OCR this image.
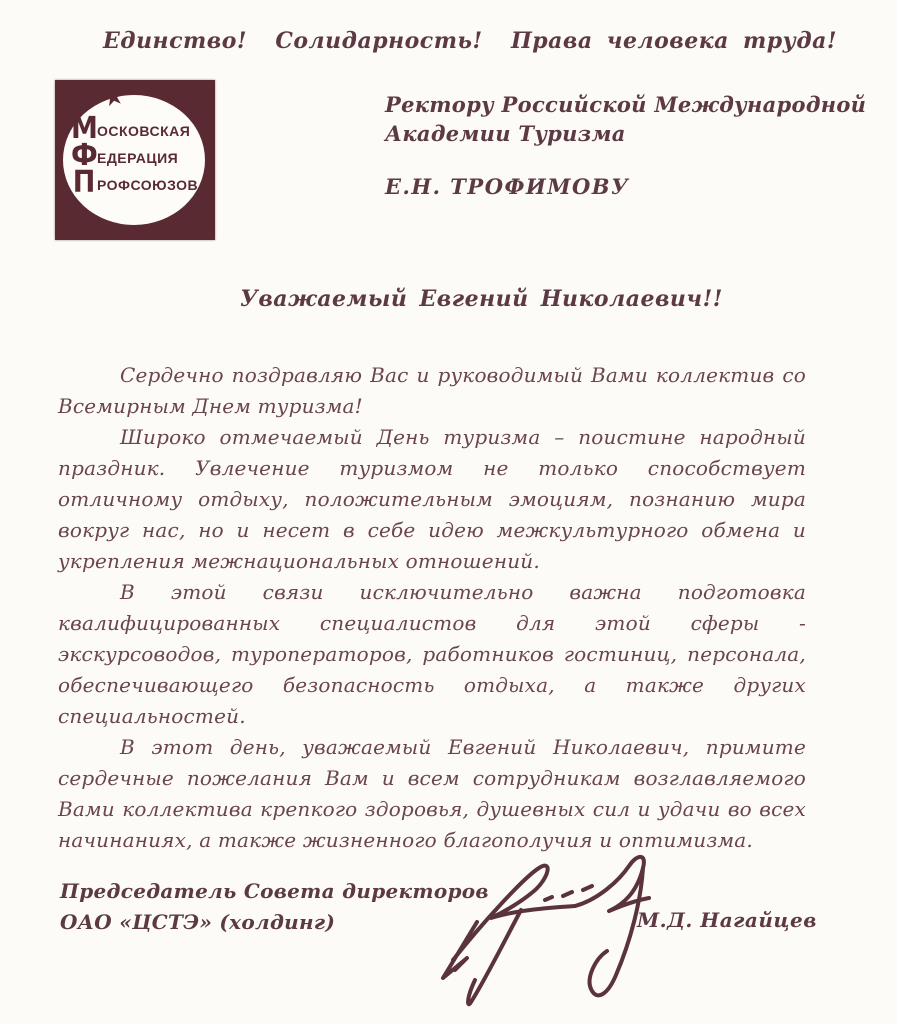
Единство!  Солидарность!  Права человека труда!
★
М ОСКОВСКАЯ
Ф ЕДЕРАЦИЯ
П РОФСОЮЗОВ
Ректору Российской Международной
Академии Туризма
Е.Н. ТРОФИМОВУ
Уважаемый Евгений Николаевич!!

Сердечно поздравляю Вас и руководимый Вами коллектив со Всемирным Днем туризма!

Широко отмечаемый День туризма – поистине народный праздник. Увлечение туризмом не только способствует отличному отдыху, положительным эмоциям, познанию мира вокруг нас, но и несет в себе идею межкультурного обмена и укрепления межнациональных отношений.

В этой связи исключительно важна подготовка квалифицированных специалистов для этой сферы - экскурсоводов, туроператоров, работников гостиниц, персонала, обеспечивающего безопасность отдыха, а также других специальностей.

В этот день, уважаемый Евгений Николаевич, примите сердечные пожелания Вам и всем сотрудникам возглавляемого Вами коллектива крепкого здоровья, душевных сил и удачи во всех начинаниях, а также жизненного благополучия и оптимизма.

Председатель Совета директоров
ОАО «ЦСТЭ» (холдинг)	М.Д. Нагайцев
